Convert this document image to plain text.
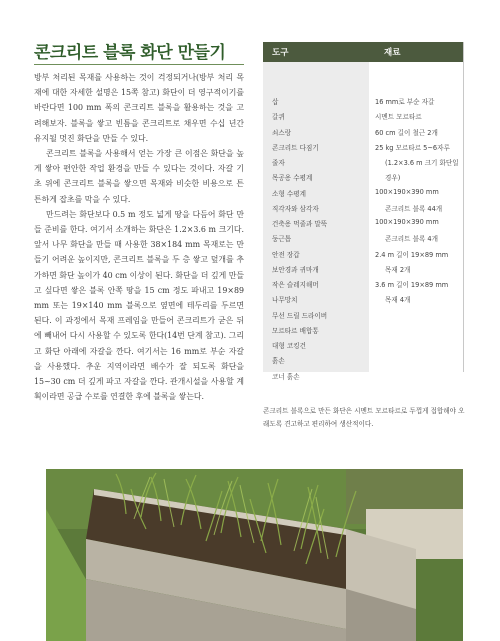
콘크리트 블록 화단 만들기

방부 처리된 목재를 사용하는 것이 걱정되거나(방부 처리 목재에 대한 자세한 설명은 15쪽 참고) 화단이 더 영구적이기를 바란다면 100 mm 폭의 콘크리트 블록을 활용하는 것을 고려해보자. 블록을 쌓고 빈틈을 콘크리트로 채우면 수십 년간 유지될 멋진 화단을 만들 수 있다.

콘크리트 블록을 사용해서 얻는 가장 큰 이점은 화단을 높게 쌓아 편안한 작업 환경을 만들 수 있다는 것이다. 자갈 기초 위에 콘크리트 블록을 쌓으면 목재와 비슷한 비용으로 튼튼하게 잡초를 막을 수 있다.

만드려는 화단보다 0.5 m 정도 넓게 땅을 다듬어 화단 만들 준비를 한다. 여기서 소개하는 화단은 1.2×3.6 m 크기다. 앞서 나무 화단을 만들 때 사용한 38×184 mm 목재로는 만들기 어려운 높이지만, 콘크리트 블록을 두 층 쌓고 덮개를 추가하면 화단 높이가 40 cm 이상이 된다. 화단을 더 깊게 만들고 싶다면 쌓은 블록 안쪽 땅을 15 cm 정도 파내고 19×89 mm 또는 19×140 mm 블록으로 옆면에 테두리를 두르면 된다. 이 과정에서 목재 프레임을 만들어 콘크리트가 굳은 뒤에 빼내어 다시 사용할 수 있도록 한다(14번 단계 참고). 그리고 화단 아래에 자갈을 깐다. 여기서는 16 mm로 부순 자갈을 사용했다. 추운 지역이라면 배수가 잘 되도록 화단을 15~30 cm 더 깊게 파고 자갈을 깐다. 관개시설을 사용할 계획이라면 공급 수로를 연결한 후에 블록을 쌓는다.

도구	재료
삽
갈퀴
쇠스랑
콘크리트 다짐기
줄자
목공용 수평계
소형 수평계
직각자와 삼각자
건축용 먹줄과 말뚝
둥근톱
안전 장갑
보안경과 귀마개
작은 슬레지해머
나무망치
무선 드릴 드라이버
모르타르 배합통
대형 코킹건
흙손
코너 흙손
16 mm로 부순 자갈
시멘트 모르타르
60 cm 길이 철근 2개
25 kg 모르타르 5~6자루
(1.2×3.6 m 크기 화단일
경우)
100×190×390 mm
콘크리트 블록 44개
100×190×390 mm
콘크리트 블록 4개
2.4 m 길이 19×89 mm
목재 2개
3.6 m 길이 19×89 mm
목재 4개
콘크리트 블록으로 만든 화단은 시멘트 모르타르로 두껍게 접합해야 오래도록 견고하고 편리하여 생산적이다.
